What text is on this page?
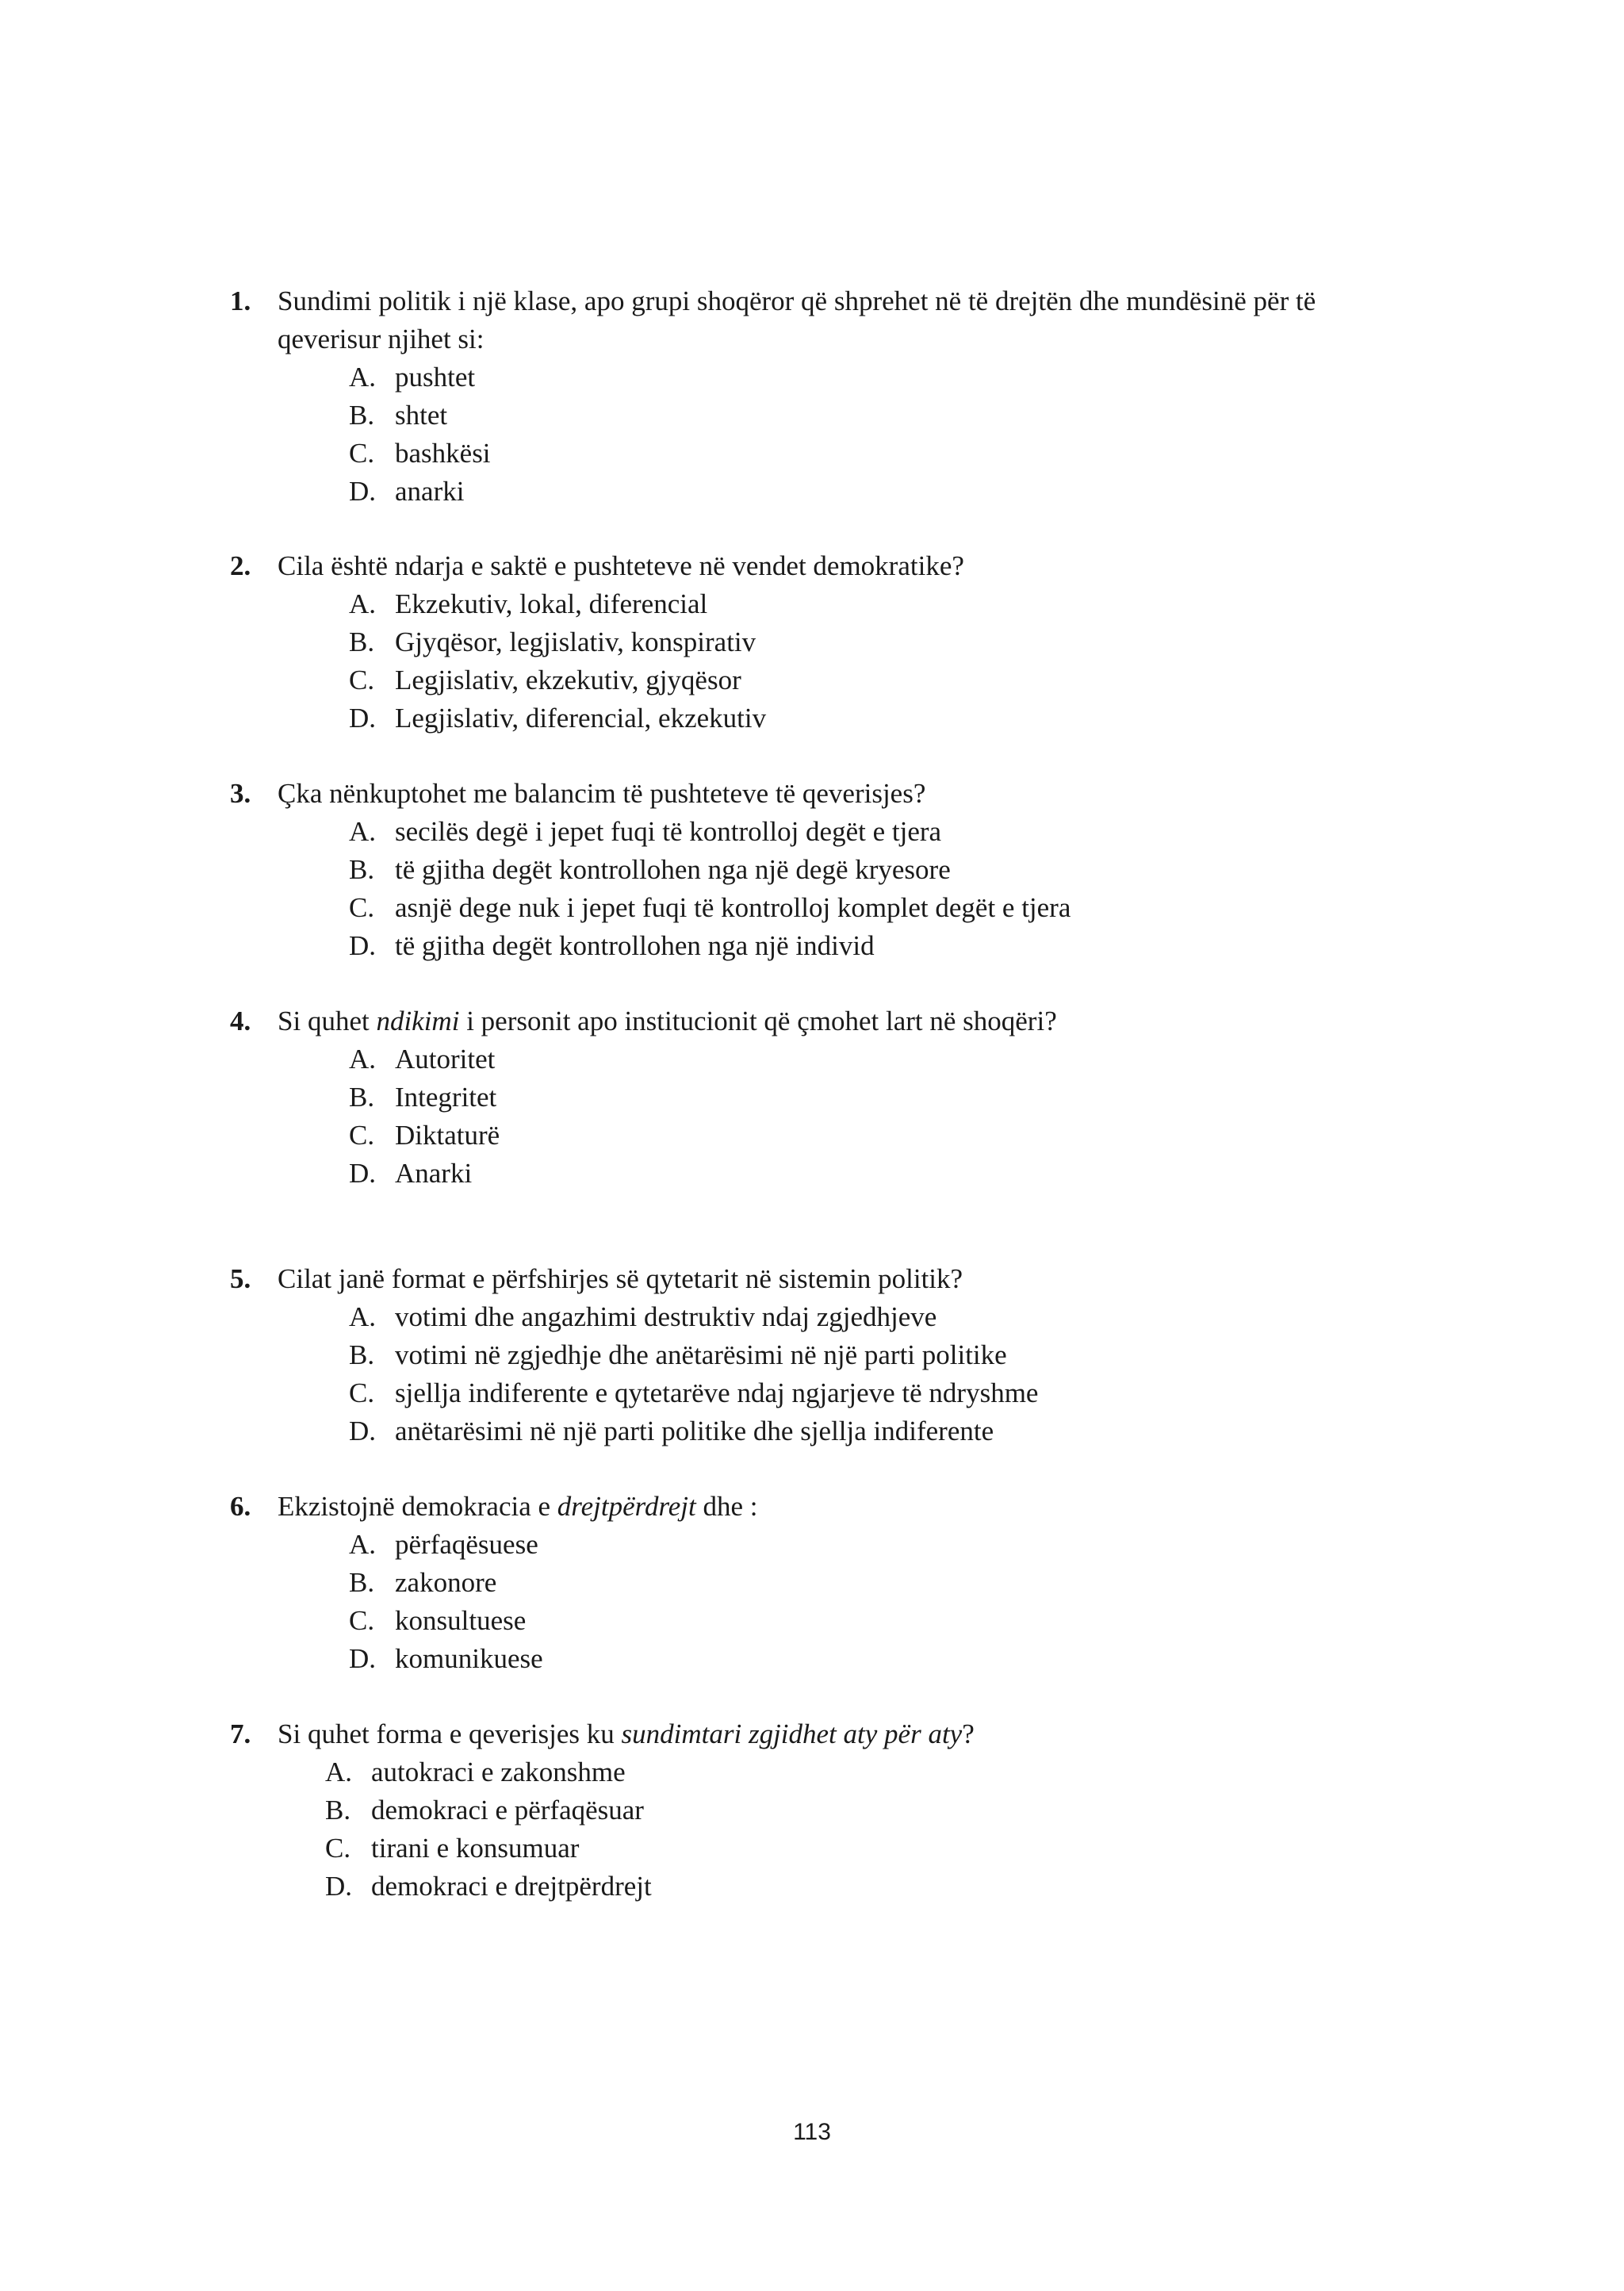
1. Sundimi politik i një klase, apo grupi shoqëror që shprehet në të drejtën dhe mundësinë për të qeverisur njihet si:
A. pushtet
B. shtet
C. bashkësi
D. anarki
2. Cila është ndarja e saktë e pushteteve në vendet demokratike?
A. Ekzekutiv, lokal, diferencial
B. Gjyqësor, legjislativ, konspirativ
C. Legjislativ, ekzekutiv, gjyqësor
D. Legjislativ, diferencial, ekzekutiv
3. Çka nënkuptohet me balancim të pushteteve të qeverisjes?
A. secilës degë i jepet fuqi të kontrolloj degët e tjera
B. të gjitha degët kontrollohen nga një degë kryesore
C. asnjë dege nuk i jepet fuqi të kontrolloj komplet degët e tjera
D. të gjitha degët kontrollohen nga një individ
4. Si quhet ndikimi i personit apo institucionit që çmohet lart në shoqëri?
A. Autoritet
B. Integritet
C. Diktaturë
D. Anarki
5. Cilat janë format e përfshirjes së qytetarit në sistemin politik?
A. votimi dhe angazhimi destruktiv ndaj zgjedhjeve
B. votimi në zgjedhje dhe anëtarësimi në një parti politike
C. sjellja indiferente e qytetarëve ndaj ngjarjeve të ndryshme
D. anëtarësimi në një parti politike dhe sjellja indiferente
6. Ekzistojnë demokracia e drejtpërdrejt dhe :
A. përfaqësuese
B. zakonore
C. konsultuese
D. komunikuese
7. Si quhet forma e qeverisjes ku sundimtari zgjidhet aty për aty?
A. autokraci e zakonshme
B. demokraci e përfaqësuar
C. tirani e konsumuar
D. demokraci e drejtpërdrejt
113
